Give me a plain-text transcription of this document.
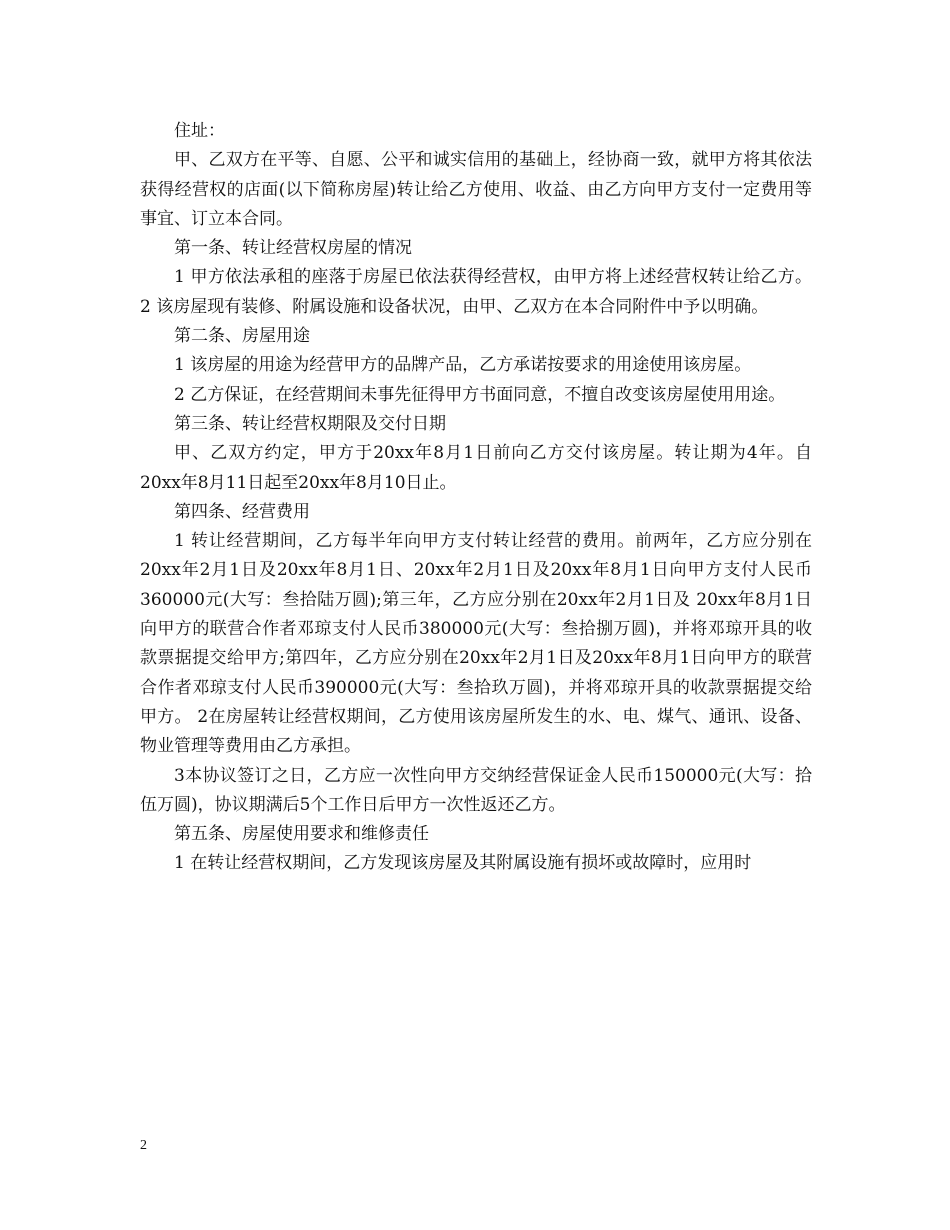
住址：

甲、乙双方在平等、自愿、公平和诚实信用的基础上，经协商一致，就甲方将其依法获得经营权的店面(以下简称房屋)转让给乙方使用、收益、由乙方向甲方支付一定费用等事宜、订立本合同。

第一条、转让经营权房屋的情况

1 甲方依法承租的座落于房屋已依法获得经营权，由甲方将上述经营权转让给乙方。 2 该房屋现有装修、附属设施和设备状况，由甲、乙双方在本合同附件中予以明确。

第二条、房屋用途

1 该房屋的用途为经营甲方的品牌产品，乙方承诺按要求的用途使用该房屋。

2 乙方保证，在经营期间未事先征得甲方书面同意，不擅自改变该房屋使用用途。

第三条、转让经营权期限及交付日期

甲、乙双方约定，甲方于20xx年8月1日前向乙方交付该房屋。转让期为4年。自20xx年8月11日起至20xx年8月10日止。

第四条、经营费用

1 转让经营期间，乙方每半年向甲方支付转让经营的费用。前两年，乙方应分别在20xx年2月1日及20xx年8月1日、20xx年2月1日及20xx年8月1日向甲方支付人民币360000元(大写：叁拾陆万圆);第三年，乙方应分别在20xx年2月1日及 20xx年8月1日向甲方的联营合作者邓琼支付人民币380000元(大写：叁拾捌万圆)，并将邓琼开具的收款票据提交给甲方;第四年，乙方应分别在20xx年2月1日及20xx年8月1日向甲方的联营合作者邓琼支付人民币390000元(大写：叁拾玖万圆)，并将邓琼开具的收款票据提交给甲方。 2在房屋转让经营权期间，乙方使用该房屋所发生的水、电、煤气、通讯、设备、物业管理等费用由乙方承担。

3本协议签订之日，乙方应一次性向甲方交纳经营保证金人民币150000元(大写：拾伍万圆)，协议期满后5个工作日后甲方一次性返还乙方。

第五条、房屋使用要求和维修责任

1 在转让经营权期间，乙方发现该房屋及其附属设施有损坏或故障时，应用时

2
